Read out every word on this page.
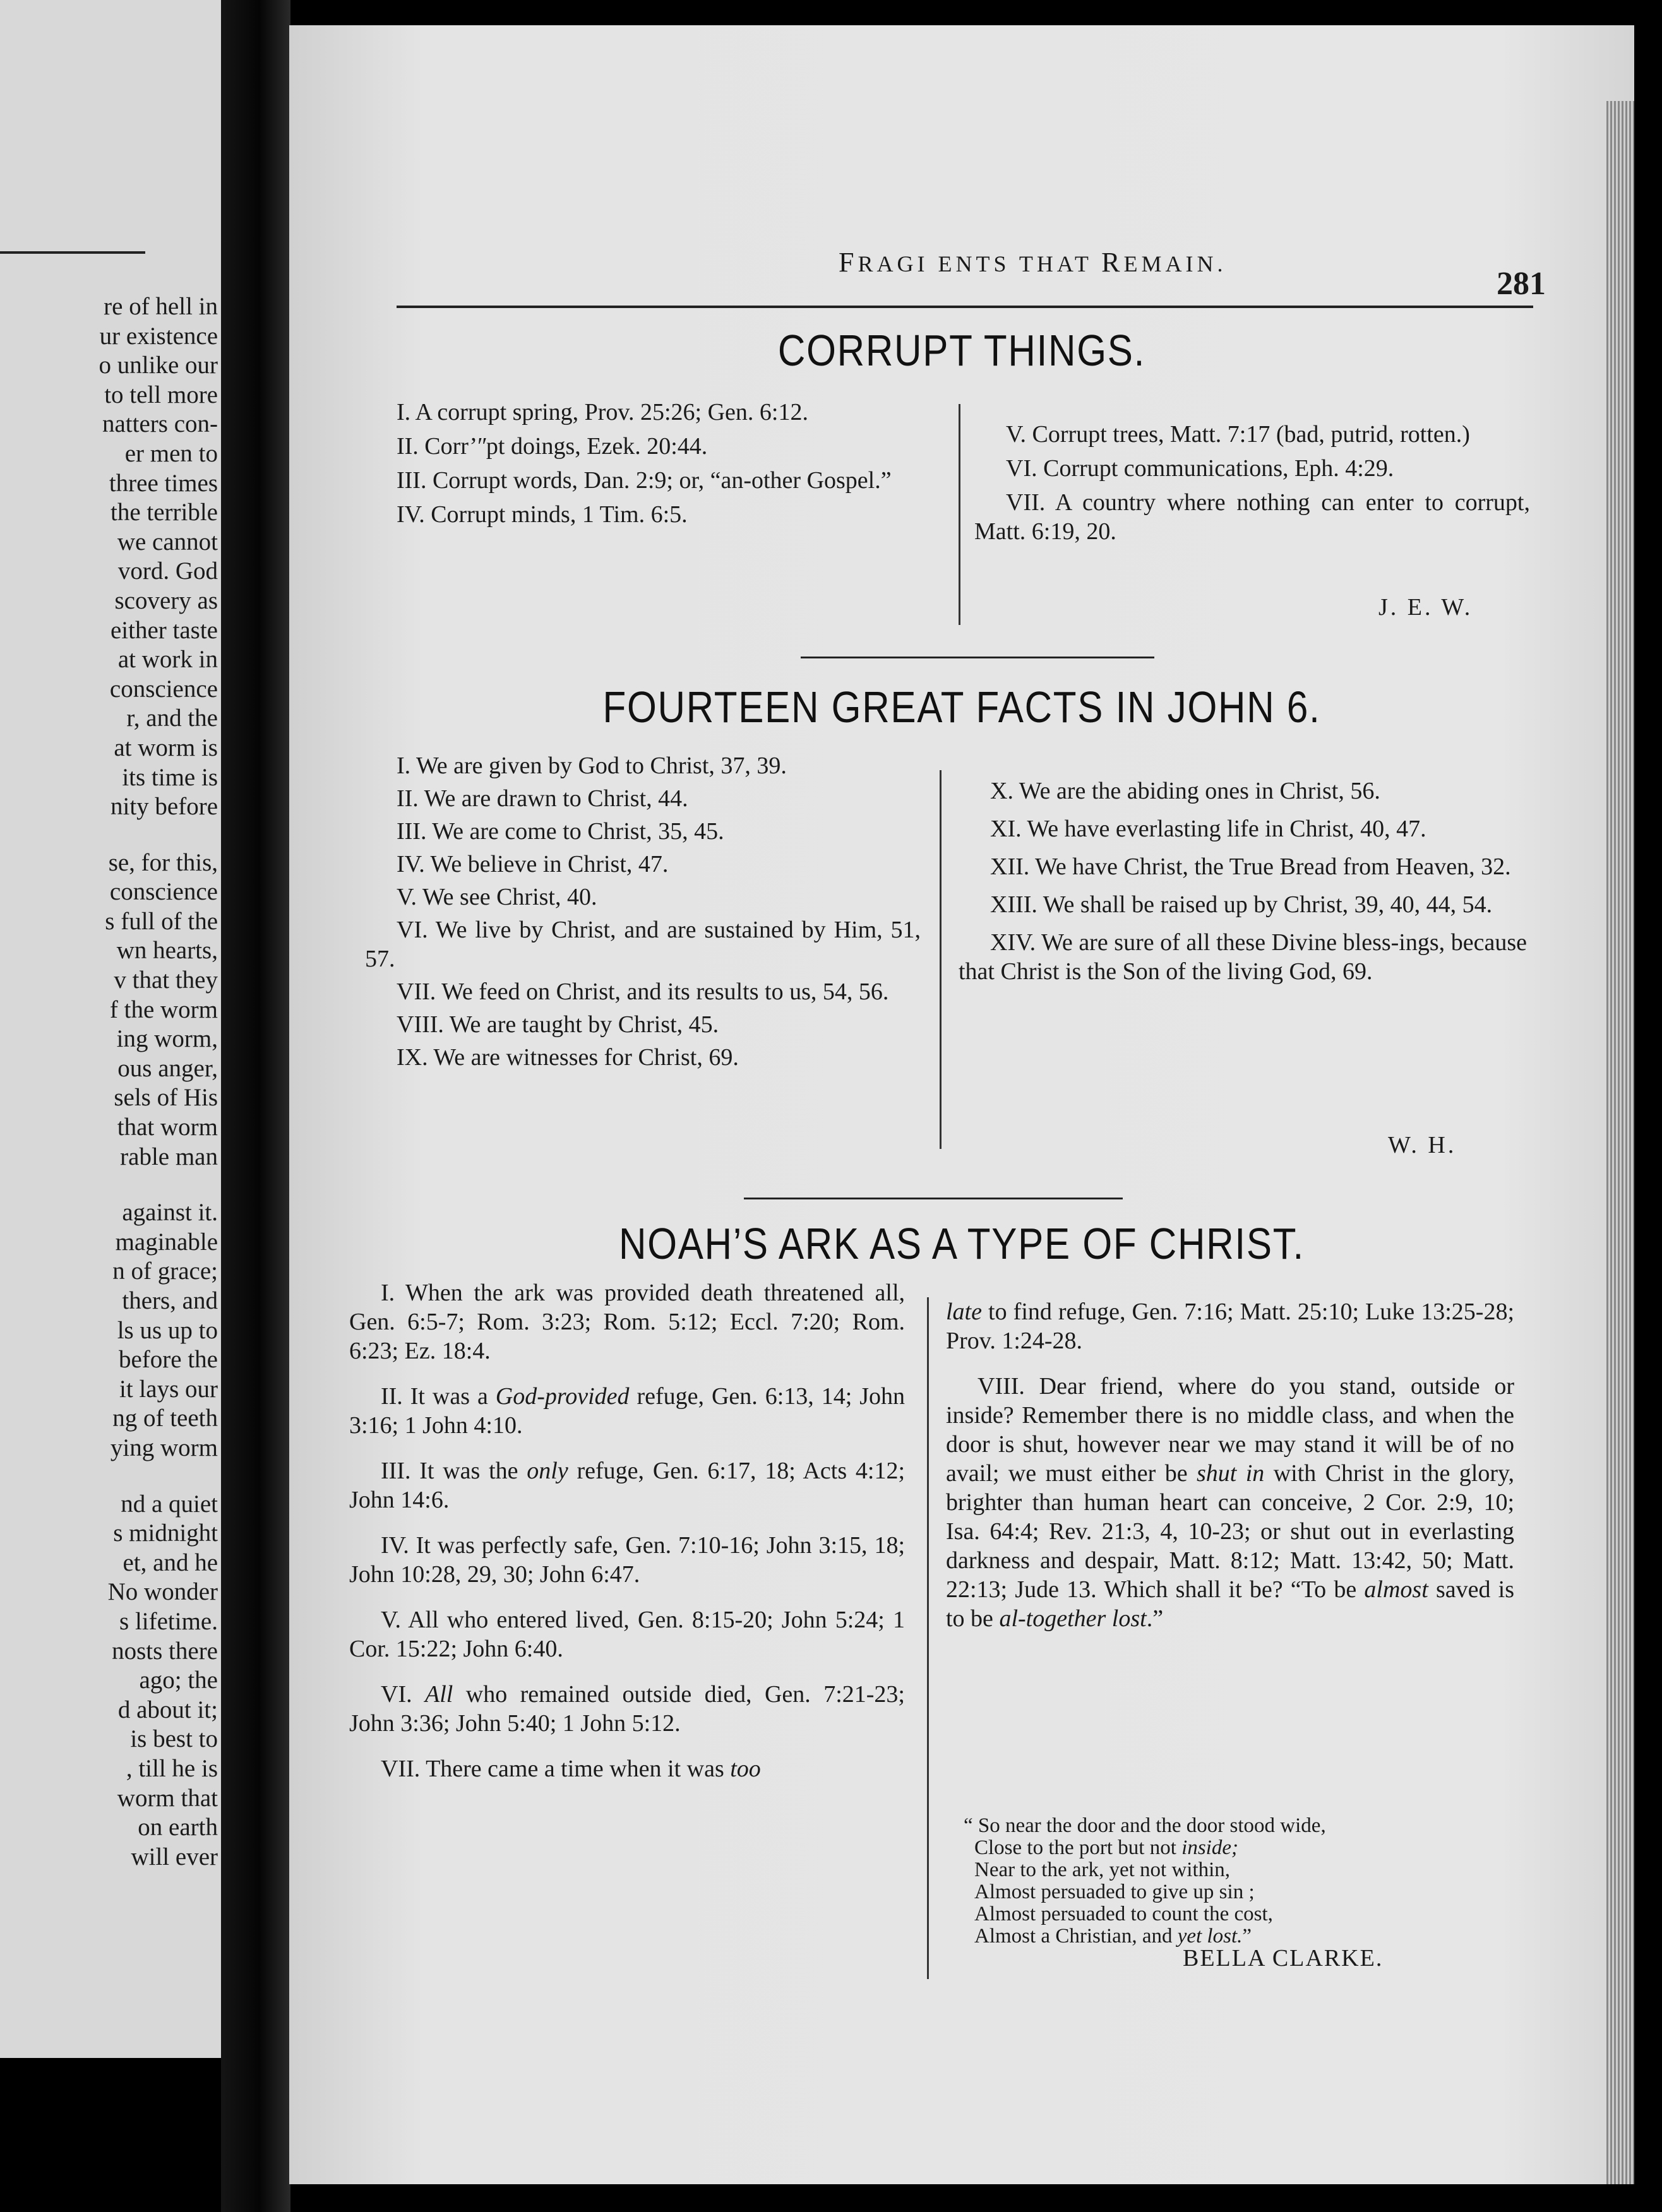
re of hell in
ur existence
o unlike our
to tell more
natters con-
er men to
three times
the terrible
we cannot
vord. God
scovery as
either taste
at work in
conscience
r, and the
at worm is
its time is
nity before
se, for this,
conscience
s full of the
wn hearts,
v that they
f the worm
ing worm,
ous anger,
sels of His
that worm
rable man
against it.
maginable
n of grace;
thers, and
ls us up to
before the
it lays our
ng of teeth
ying worm
nd a quiet
s midnight
et, and he
No wonder
s lifetime.
nosts there
ago; the
d about it;
is best to
, till he is
worm that
on earth
will ever
FRAGI ENTS THAT REMAIN.
281
CORRUPT THINGS.

I. A corrupt spring, Prov. 25:26; Gen. 6:12.

II. Corr’ʺpt doings, Ezek. 20:44.

III. Corrupt words, Dan. 2:9; or, “an-other Gospel.”

IV. Corrupt minds, 1 Tim. 6:5.

V. Corrupt trees, Matt. 7:17 (bad, putrid, rotten.)

VI. Corrupt communications, Eph. 4:29.

VII. A country where nothing can enter to corrupt, Matt. 6:19, 20.

J. E. W.
FOURTEEN GREAT FACTS IN JOHN 6.

I. We are given by God to Christ, 37, 39.

II. We are drawn to Christ, 44.

III. We are come to Christ, 35, 45.

IV. We believe in Christ, 47.

V. We see Christ, 40.

VI. We live by Christ, and are sustained by Him, 51, 57.

VII. We feed on Christ, and its results to us, 54, 56.

VIII. We are taught by Christ, 45.

IX. We are witnesses for Christ, 69.

X. We are the abiding ones in Christ, 56.

XI. We have everlasting life in Christ, 40, 47.

XII. We have Christ, the True Bread from Heaven, 32.

XIII. We shall be raised up by Christ, 39, 40, 44, 54.

XIV. We are sure of all these Divine bless-ings, because that Christ is the Son of the living God, 69.

W. H.
NOAH’S ARK AS A TYPE OF CHRIST.

I. When the ark was provided death threatened all, Gen. 6:5-7; Rom. 3:23; Rom. 5:12; Eccl. 7:20; Rom. 6:23; Ez. 18:4.

II. It was a God-provided refuge, Gen. 6:13, 14; John 3:16; 1 John 4:10.

III. It was the only refuge, Gen. 6:17, 18; Acts 4:12; John 14:6.

IV. It was perfectly safe, Gen. 7:10-16; John 3:15, 18; John 10:28, 29, 30; John 6:47.

V. All who entered lived, Gen. 8:15-20; John 5:24; 1 Cor. 15:22; John 6:40.

VI. All who remained outside died, Gen. 7:21-23; John 3:36; John 5:40; 1 John 5:12.

VII. There came a time when it was too

late to find refuge, Gen. 7:16; Matt. 25:10; Luke 13:25-28; Prov. 1:24-28.

VIII. Dear friend, where do you stand, outside or inside? Remember there is no middle class, and when the door is shut, however near we may stand it will be of no avail; we must either be shut in with Christ in the glory, brighter than human heart can conceive, 2 Cor. 2:9, 10; Isa. 64:4; Rev. 21:3, 4, 10-23; or shut out in everlasting darkness and despair, Matt. 8:12; Matt. 13:42, 50; Matt. 22:13; Jude 13. Which shall it be? “To be almost saved is to be al-together lost.”

“ So near the door and the door stood wide,
Close to the port but not inside;
Near to the ark, yet not within,
Almost persuaded to give up sin ;
Almost persuaded to count the cost,
Almost a Christian, and yet lost.”
BELLA CLARKE.
